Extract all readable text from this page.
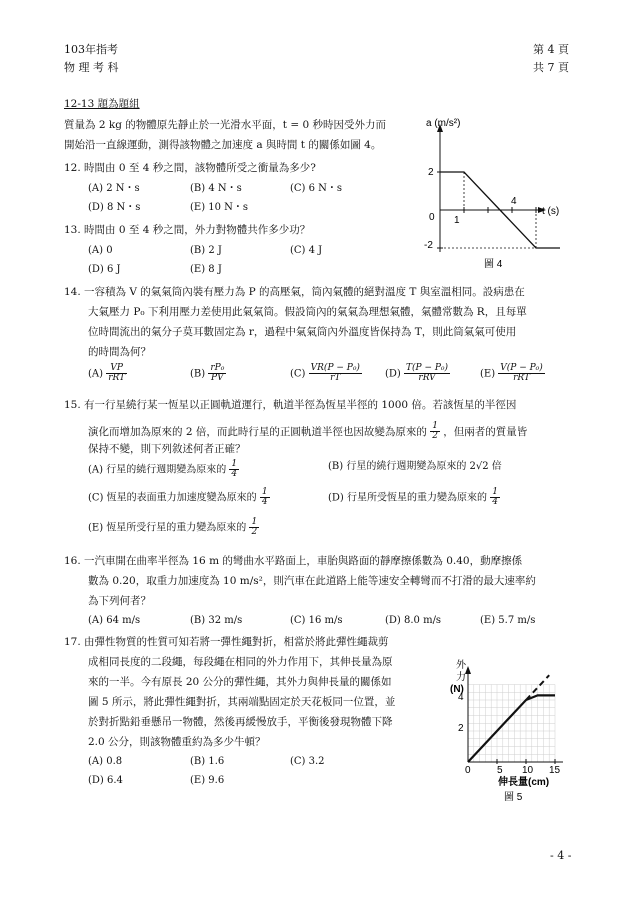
103年指考
物 理 考 科
第 4 頁
共 7 頁
12-13 題為題組
質量為 2 kg 的物體原先靜止於一光滑水平面，t = 0 秒時因受外力而
開始沿一直線運動，測得該物體之加速度 a 與時間 t 的關係如圖 4。
a (m/s²)
t (s)
2
-2
0 1
4
圖 4
12. 時間由 0 至 4 秒之間，該物體所受之衝量為多少?
(A) 2 N・s	(B) 4 N・s	(C) 6 N・s
(D) 8 N・s	(E) 10 N・s
13. 時間由 0 至 4 秒之間，外力對物體共作多少功？
(A) 0	(B) 2 J	(C) 4 J
(D) 6 J	(E) 8 J
14. 一容積為 V 的氣氣筒內裝有壓力為 P 的高壓氣，筒內氣體的絕對溫度 T 與室溫相同。設病患在
大氣壓力 P₀ 下利用壓力差使用此氣氣筒。假設筒內的氣氣為理想氣體，氣體常數為 R，且每單
位時間流出的氣分子莫耳數固定為 r，過程中氣氣筒內外溫度皆保持為 T，則此筒氣氣可使用
的時間為何？
$(A) \frac{VP}{\text{rRT}}$	$(B) \frac{\text{rP₀}}{PV}$	$(C) \frac{\text{VR(P − P₀)}}{rT} (D) \frac{\text{T(P − P₀)}}{\text{rRV}}$	$(E) \frac{\text{V(P − P₀)}}{\text{rRT}}$
15. 有一行星繞行某一恆星以正圓軌道運行，軌道半徑為恆星半徑的 1000 倍。若該恆星的半徑因
演化而增加為原來的 2 倍，而此時行星的正圓軌道半徑也因故變為原來的 $\frac{1}{2}$ ，但兩者的質量皆
保持不變，則下列敘述何者正確？
(A) 行星的繞行週期變為原來的 $\frac{1}{4}$	(B) 行星的繞行週期變為原來的 2√2 倍
(C) 恆星的表面重力加速度變為原來的 $\frac{1}{4}$	(D) 行星所受恆星的重力變為原來的 $\frac{1}{4}$
(E) 恆星所受行星的重力變為原來的 $\frac{1}{2}$
16. 一汽車開在曲率半徑為 16 m 的彎曲水平路面上，車胎與路面的靜摩擦係數為 0.40，動摩擦係
數為 0.20，取重力加速度為 10 m/s²，則汽車在此道路上能等速安全轉彎而不打滑的最大速率約
為下列何者？
(A) 64 m/s	(B) 32 m/s	(C) 16 m/s	(D) 8.0 m/s	(E) 5.7 m/s
17. 由彈性物質的性質可知若將一彈性繩對折，相當於將此彈性繩裁剪
成相同長度的二段繩，每段繩在相同的外力作用下，其伸長量為原
來的一半。今有原長 20 公分的彈性繩，其外力與伸長量的關係如
圖 5 所示，將此彈性繩對折，其兩端點固定於天花板同一位置，並
於對折點鉛垂懸吊一物體，然後再緩慢放手，平衡後發現物體下降
2.0 公分，則該物體重約為多少牛頓？
(A) 0.8	(B) 1.6	(C) 3.2
(D) 6.4	(E) 9.6
外
力
(N)
4
2
0	5 10 15
伸長量(cm)
圖 5
- 4 -
